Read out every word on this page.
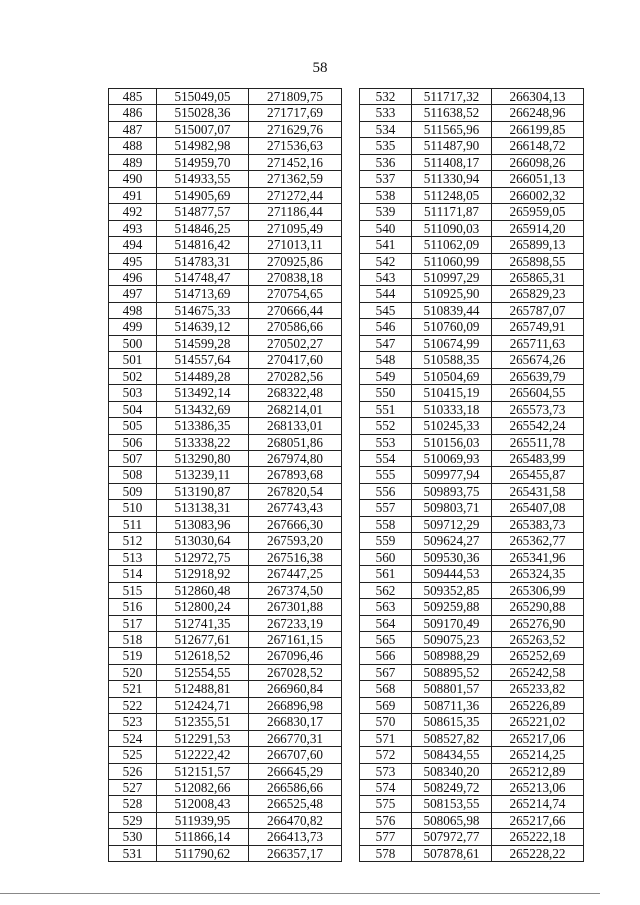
58
485	515049,05	271809,75
486	515028,36	271717,69
487	515007,07	271629,76
488	514982,98	271536,63
489	514959,70	271452,16
490	514933,55	271362,59
491	514905,69	271272,44
492	514877,57	271186,44
493	514846,25	271095,49
494	514816,42	271013,11
495	514783,31	270925,86
496	514748,47	270838,18
497	514713,69	270754,65
498	514675,33	270666,44
499	514639,12	270586,66
500	514599,28	270502,27
501	514557,64	270417,60
502	514489,28	270282,56
503	513492,14	268322,48
504	513432,69	268214,01
505	513386,35	268133,01
506	513338,22	268051,86
507	513290,80	267974,80
508	513239,11	267893,68
509	513190,87	267820,54
510	513138,31	267743,43
511	513083,96	267666,30
512	513030,64	267593,20
513	512972,75	267516,38
514	512918,92	267447,25
515	512860,48	267374,50
516	512800,24	267301,88
517	512741,35	267233,19
518	512677,61	267161,15
519	512618,52	267096,46
520	512554,55	267028,52
521	512488,81	266960,84
522	512424,71	266896,98
523	512355,51	266830,17
524	512291,53	266770,31
525	512222,42	266707,60
526	512151,57	266645,29
527	512082,66	266586,66
528	512008,43	266525,48
529	511939,95	266470,82
530	511866,14	266413,73
531	511790,62	266357,17
532	511717,32	266304,13
533	511638,52	266248,96
534	511565,96	266199,85
535	511487,90	266148,72
536	511408,17	266098,26
537	511330,94	266051,13
538	511248,05	266002,32
539	511171,87	265959,05
540	511090,03	265914,20
541	511062,09	265899,13
542	511060,99	265898,55
543	510997,29	265865,31
544	510925,90	265829,23
545	510839,44	265787,07
546	510760,09	265749,91
547	510674,99	265711,63
548	510588,35	265674,26
549	510504,69	265639,79
550	510415,19	265604,55
551	510333,18	265573,73
552	510245,33	265542,24
553	510156,03	265511,78
554	510069,93	265483,99
555	509977,94	265455,87
556	509893,75	265431,58
557	509803,71	265407,08
558	509712,29	265383,73
559	509624,27	265362,77
560	509530,36	265341,96
561	509444,53	265324,35
562	509352,85	265306,99
563	509259,88	265290,88
564	509170,49	265276,90
565	509075,23	265263,52
566	508988,29	265252,69
567	508895,52	265242,58
568	508801,57	265233,82
569	508711,36	265226,89
570	508615,35	265221,02
571	508527,82	265217,06
572	508434,55	265214,25
573	508340,20	265212,89
574	508249,72	265213,06
575	508153,55	265214,74
576	508065,98	265217,66
577	507972,77	265222,18
578	507878,61	265228,22
